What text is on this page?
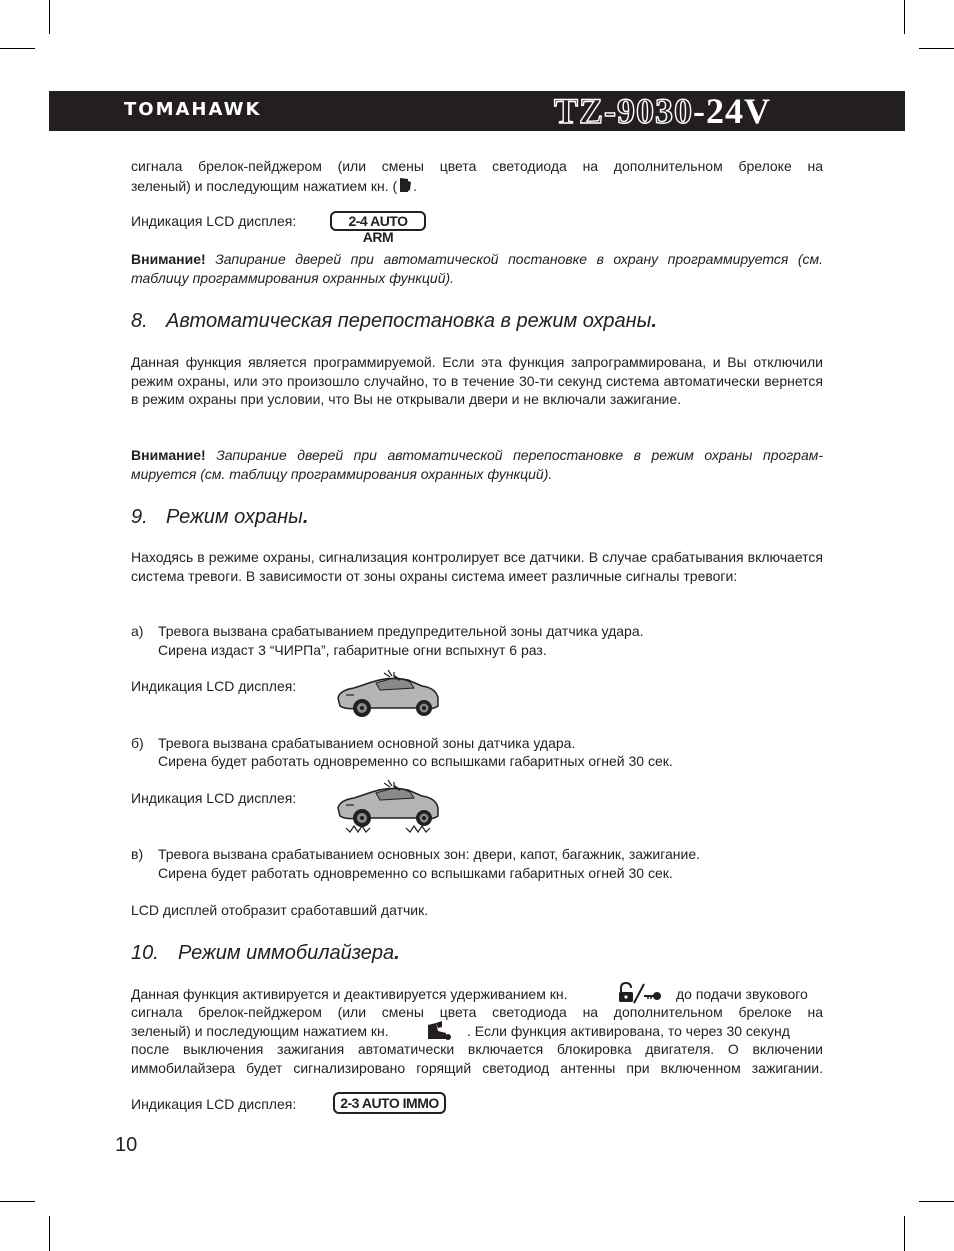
TOMAHAWK	TZ-9030-24V

сигнала брелок-пейджером (или смены цвета светодиода на дополнительном брелоке на

зеленый) и последующим нажатием кн. ( .

Индикация LCD дисплея:	2-4 AUTO ARM

Внимание! Запирание дверей при автоматической постановке в охрану программируется (см. таблицу программирования охранных функций).

8. Автоматическая перепостановка в режим охраны.

Данная функция является программируемой. Если эта функция запрограммирована, и Вы отключили режим охраны, или это произошло случайно, то в течение 30-ти секунд система автоматически вернется в режим охраны при условии, что Вы не открывали двери и не включали зажигание.

Внимание! Запирание дверей при автоматической перепостановке в режим охраны програм-мируется (см. таблицу программирования охранных функций).

9. Режим охраны.

Находясь в режиме охраны, сигнализация контролирует все датчики. В случае срабатывания включается система тревоги. В зависимости от зоны охраны система имеет различные сигналы тревоги:

а) Тревога вызвана срабатыванием предупредительной зоны датчика удара.
Сирена издаст 3 “ЧИРПа”, габаритные огни вспыхнут 6 раз.
Индикация LCD дисплея:
б) Тревога вызвана срабатыванием основной зоны датчика удара.
Сирена будет работать одновременно со вспышками габаритных огней 30 сек.
Индикация LCD дисплея:
в) Тревога вызвана срабатыванием основных зон: двери, капот, багажник, зажигание.
Сирена будет работать одновременно со вспышками габаритных огней 30 сек.
LCD дисплей отобразит сработавший датчик.
10. Режим иммобилайзера.
Данная функция активируется и деактивируется удерживанием кн.	до подачи звукового

сигнала брелок-пейджером (или смены цвета светодиода на дополнительном брелоке на

зеленый) и последующим нажатием кн.	. Если функция активирована, то через 30 секунд

после выключения зажигания автоматически включается блокировка двигателя. О включении

иммобилайзера будет сигнализировано горящий светодиод антенны при включенном зажигании.

Индикация LCD дисплея:	2-3 AUTO IMMO
10
